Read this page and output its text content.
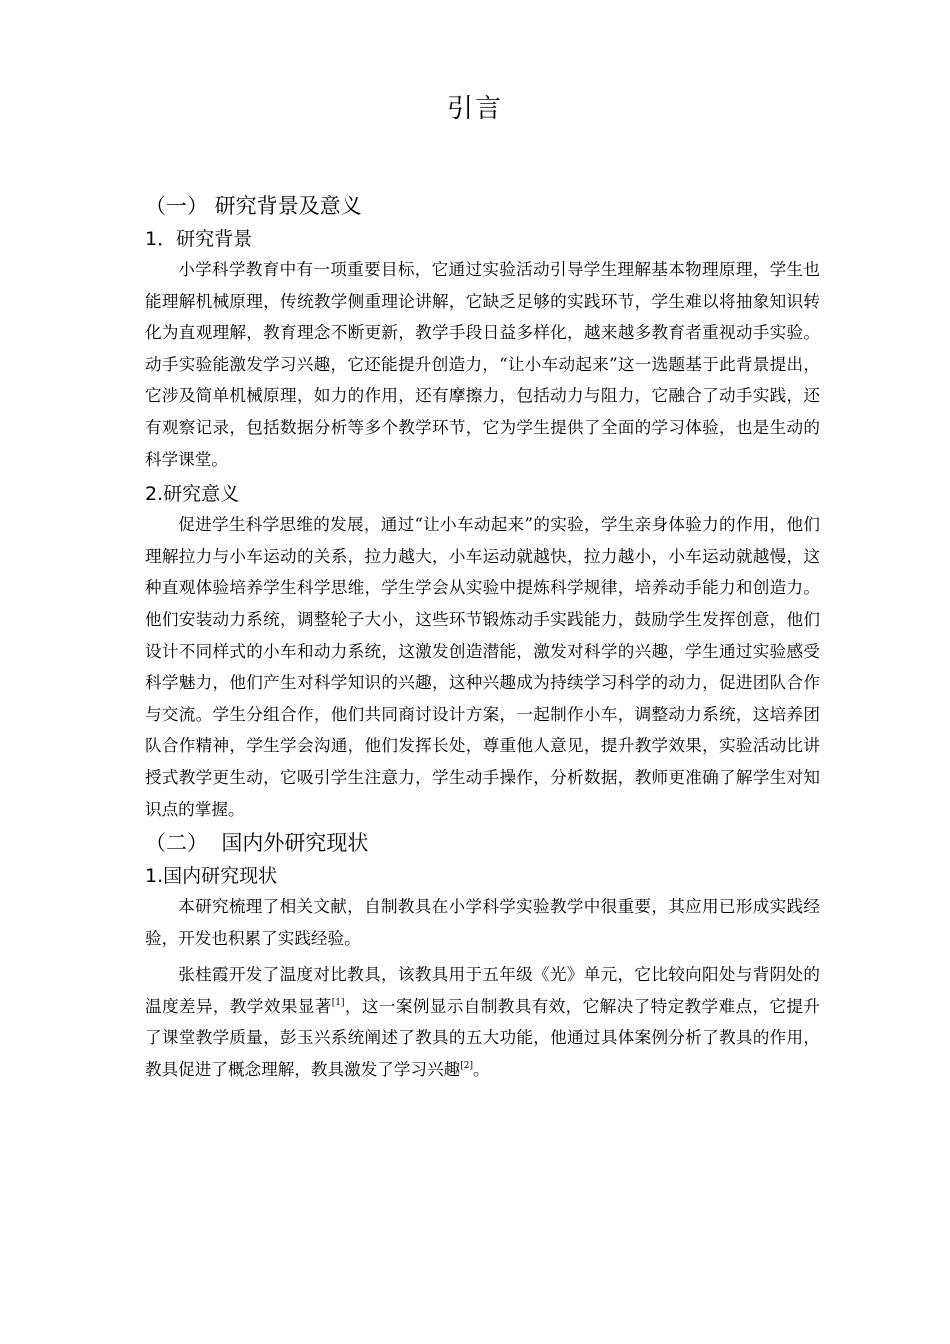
引言
（一） 研究背景及意义
1．研究背景

小学科学教育中有一项重要目标，它通过实验活动引导学生理解基本物理原理，学生也能理解机械原理，传统教学侧重理论讲解，它缺乏足够的实践环节，学生难以将抽象知识转化为直观理解，教育理念不断更新，教学手段日益多样化，越来越多教育者重视动手实验。动手实验能激发学习兴趣，它还能提升创造力，“让小车动起来”这一选题基于此背景提出，它涉及简单机械原理，如力的作用，还有摩擦力，包括动力与阻力，它融合了动手实践，还有观察记录，包括数据分析等多个教学环节，它为学生提供了全面的学习体验，也是生动的科学课堂。

2.研究意义

促进学生科学思维的发展，通过“让小车动起来”的实验，学生亲身体验力的作用，他们理解拉力与小车运动的关系，拉力越大，小车运动就越快，拉力越小，小车运动就越慢，这种直观体验培养学生科学思维，学生学会从实验中提炼科学规律，培养动手能力和创造力。他们安装动力系统，调整轮子大小，这些环节锻炼动手实践能力，鼓励学生发挥创意，他们设计不同样式的小车和动力系统，这激发创造潜能，激发对科学的兴趣，学生通过实验感受科学魅力，他们产生对科学知识的兴趣，这种兴趣成为持续学习科学的动力，促进团队合作与交流。学生分组合作，他们共同商讨设计方案，一起制作小车，调整动力系统，这培养团队合作精神，学生学会沟通，他们发挥长处，尊重他人意见，提升教学效果，实验活动比讲授式教学更生动，它吸引学生注意力，学生动手操作，分析数据，教师更准确了解学生对知识点的掌握。

（二）  国内外研究现状
1.国内研究现状

本研究梳理了相关文献，自制教具在小学科学实验教学中很重要，其应用已形成实践经验，开发也积累了实践经验。

张桂霞开发了温度对比教具，该教具用于五年级《光》单元，它比较向阳处与背阴处的温度差异，教学效果显著[1]，这一案例显示自制教具有效，它解决了特定教学难点，它提升了课堂教学质量，彭玉兴系统阐述了教具的五大功能，他通过具体案例分析了教具的作用，教具促进了概念理解，教具激发了学习兴趣[2]。
